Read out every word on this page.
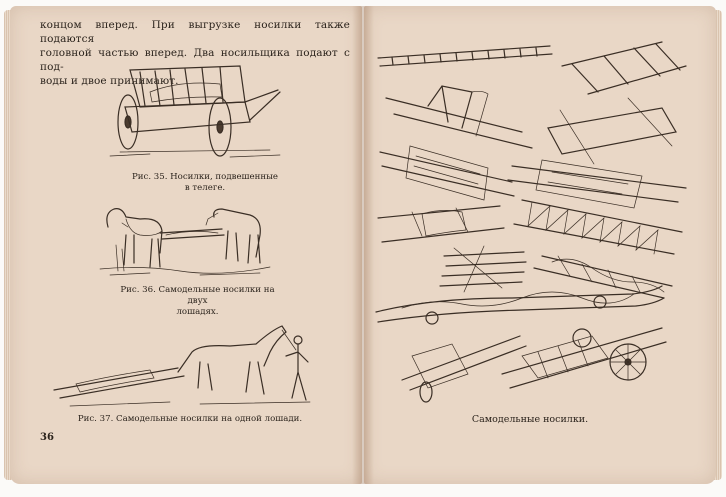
концом вперед. При выгрузке носилки также подаются
головной частью вперед. Два носильщика подают с под-
воды и двое принимают.
Рис. 35. Носилки, подвешенные
в телеге.
Рис. 36. Самодельные носилки на двух
лошадях.
Рис. 37. Самодельные носилки на одной лошади.
36
Самодельные носилки.
